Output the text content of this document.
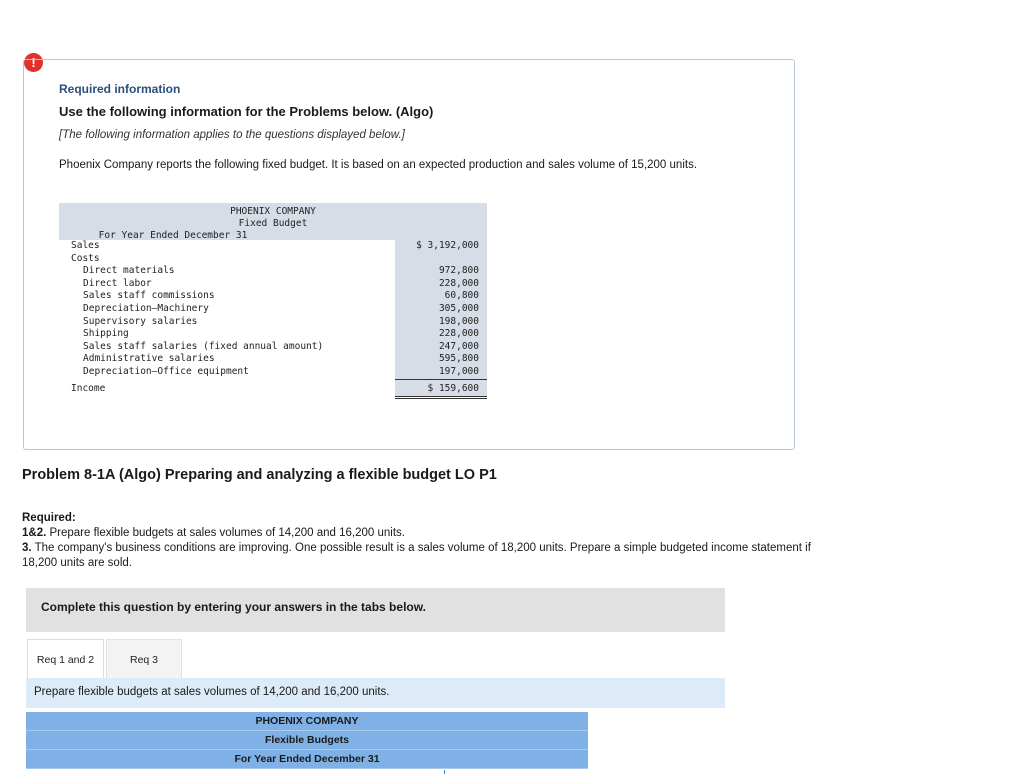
!
Required information
Use the following information for the Problems below. (Algo)
[The following information applies to the questions displayed below.]
Phoenix Company reports the following fixed budget. It is based on an expected production and sales volume of 15,200 units.
PHOENIX COMPANY
Fixed Budget
For Year Ended December 31
Sales	$ 3,192,000
Costs
Direct materials	972,800
Direct labor	228,000
Sales staff commissions	60,800
Depreciation—Machinery	305,000
Supervisory salaries	198,000
Shipping	228,000
Sales staff salaries (fixed annual amount)	247,000
Administrative salaries	595,800
Depreciation—Office equipment	197,000
Income	$ 159,600
Problem 8-1A (Algo) Preparing and analyzing a flexible budget LO P1
Required:
1&2. Prepare flexible budgets at sales volumes of 14,200 and 16,200 units.
3. The company's business conditions are improving. One possible result is a sales volume of 18,200 units. Prepare a simple budgeted income statement if 18,200 units are sold.
Complete this question by entering your answers in the tabs below.
Req 1 and 2	Req 3
Prepare flexible budgets at sales volumes of 14,200 and 16,200 units.
PHOENIX COMPANY
Flexible Budgets
For Year Ended December 31
